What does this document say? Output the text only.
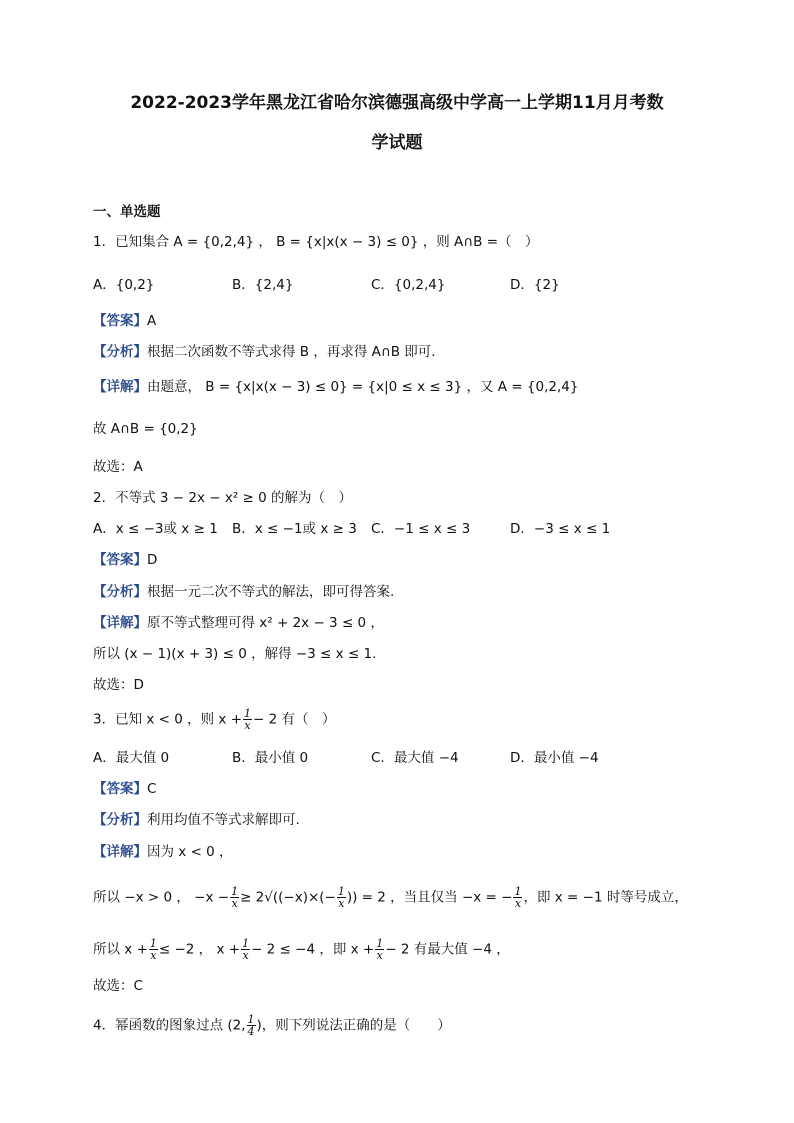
2022-2023学年黑龙江省哈尔滨德强高级中学高一上学期11月月考数
学试题
一、单选题
1．已知集合 A = {0,2,4} ， B = {x|x(x − 3) ≤ 0} ，则 A∩B =（　）
A．{0,2}	B．{2,4}	C．{0,2,4}	D．{2}
【答案】A
【分析】根据二次函数不等式求得 B ，再求得 A∩B 即可.
【详解】由题意， B = {x|x(x − 3) ≤ 0} = {x|0 ≤ x ≤ 3} ，又 A = {0,2,4}
故 A∩B = {0,2}
故选：A
2．不等式 3 − 2x − x² ≥ 0 的解为（　）
A．x ≤ −3或 x ≥ 1 B．x ≤ −1或 x ≥ 3 C．−1 ≤ x ≤ 3	D．−3 ≤ x ≤ 1
【答案】D
【分析】根据一元二次不等式的解法，即可得答案.
【详解】原不等式整理可得 x² + 2x − 3 ≤ 0 ，
所以 (x − 1)(x + 3) ≤ 0 ，解得 −3 ≤ x ≤ 1.
故选：D
3．已知 x < 0 ，则 $x + \frac{1}{x} - 2$ 有（　）
A．最大值 0	B．最小值 0	C．最大值 −4	D．最小值 −4
【答案】C
【分析】利用均值不等式求解即可.
【详解】因为 x < 0 ，
所以 −x > 0 ， $-x - \frac{1}{x} \ge 2√((-x)\times(- \frac{1}{x}$ )) = 2 ，当且仅当 −x = − $\frac{1}{x}$ ，即 x = −1 时等号成立，
所以 $x + \frac{1}{x} \le -2$ ， $x + \frac{1}{x} - 2 \le -4$ ，即 $x + \frac{1}{x} - 2$ 有最大值 −4 ，
故选：C
4．幂函数的图象过点 (2, $\frac{1}{4}$ )，则下列说法正确的是（　　）
